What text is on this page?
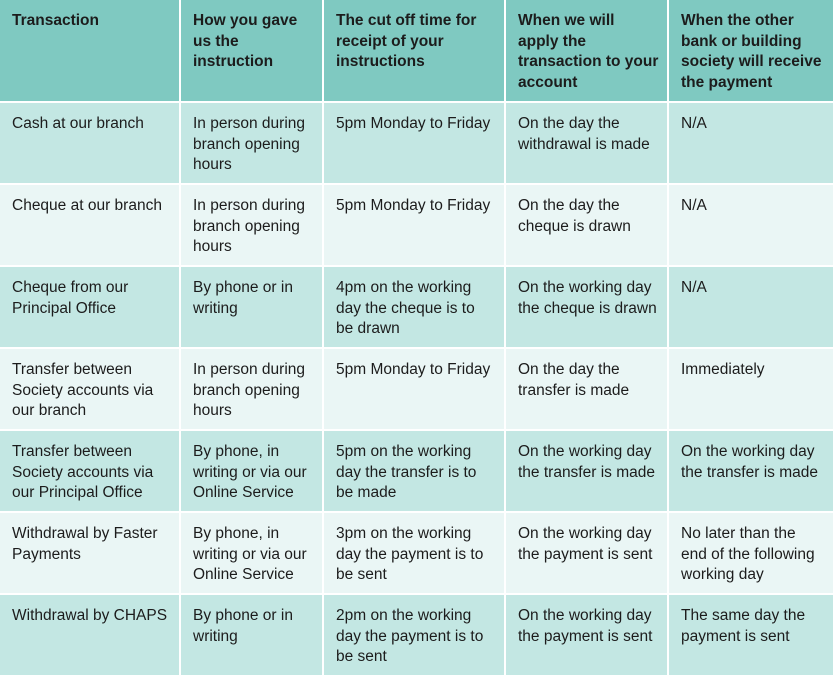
Transaction	How you gave us the instruction	The cut off time for receipt of your instructions	When we will apply the transaction to your account	When the other bank or building society will receive the payment
Cash at our branch	In person during branch opening hours	5pm Monday to Friday	On the day the withdrawal is made	N/A
Cheque at our branch	In person during branch opening hours	5pm Monday to Friday	On the day the cheque is drawn	N/A
Cheque from our Principal Office	By phone or in writing	4pm on the working day the cheque is to be drawn	On the working day the cheque is drawn	N/A
Transfer between Society accounts via our branch	In person during branch opening hours	5pm Monday to Friday	On the day the transfer is made	Immediately
Transfer between Society accounts via our Principal Office	By phone, in writing or via our Online Service	5pm on the working day the transfer is to be made	On the working day the transfer is made	On the working day the transfer is made
Withdrawal by Faster Payments	By phone, in writing or via our Online Service	3pm on the working day the payment is to be sent	On the working day the payment is sent	No later than the end of the following working day
Withdrawal by CHAPS	By phone or in writing	2pm on the working day the payment is to be sent	On the working day the payment is sent	The same day the payment is sent
